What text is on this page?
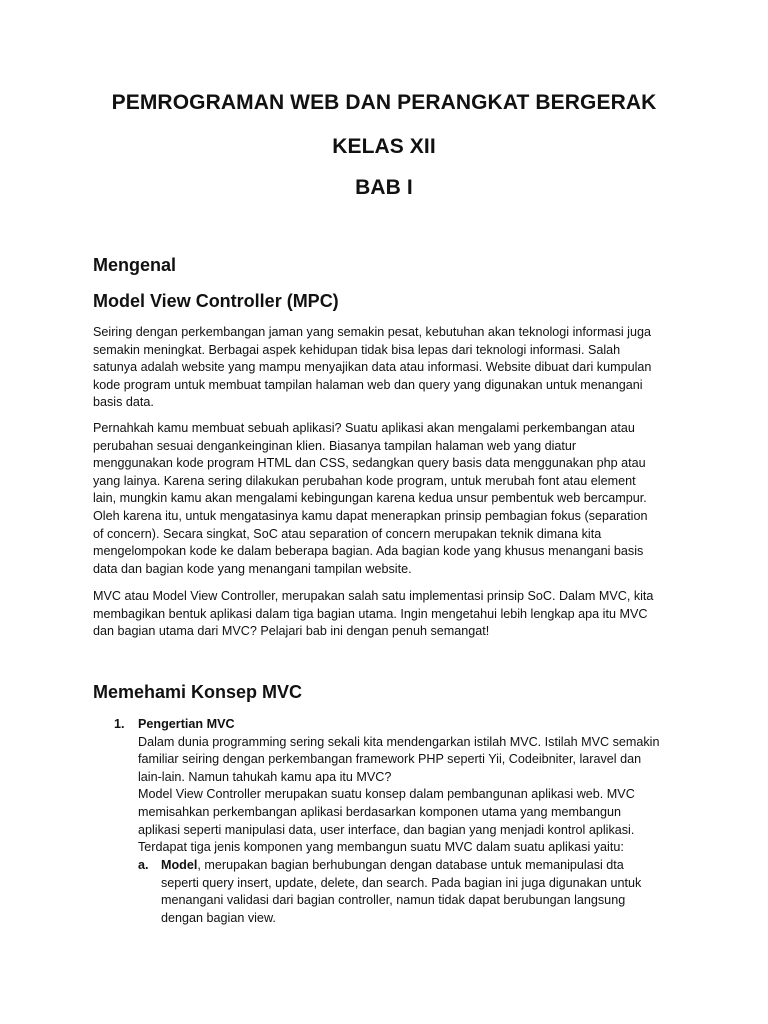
PEMROGRAMAN WEB DAN PERANGKAT BERGERAK
KELAS XII
BAB I
Mengenal
Model View Controller (MPC)
Seiring dengan perkembangan jaman yang semakin pesat, kebutuhan akan teknologi informasi juga
semakin meningkat. Berbagai aspek kehidupan tidak bisa lepas dari teknologi informasi. Salah
satunya adalah website yang mampu menyajikan data atau informasi. Website dibuat dari kumpulan
kode program untuk membuat tampilan halaman web dan query yang digunakan untuk menangani
basis data.
Pernahkah kamu membuat sebuah aplikasi? Suatu aplikasi akan mengalami perkembangan atau
perubahan sesuai dengankeinginan klien. Biasanya tampilan halaman web yang diatur
menggunakan kode program HTML dan CSS, sedangkan query basis data menggunakan php atau
yang lainya. Karena sering dilakukan perubahan kode program, untuk merubah font atau element
lain, mungkin kamu akan mengalami kebingungan karena kedua unsur pembentuk web bercampur.
Oleh karena itu, untuk mengatasinya kamu dapat menerapkan prinsip pembagian fokus (separation
of concern). Secara singkat, SoC atau separation of concern merupakan teknik dimana kita
mengelompokan kode ke dalam beberapa bagian. Ada bagian kode yang khusus menangani basis
data dan bagian kode yang menangani tampilan website.
MVC atau Model View Controller, merupakan salah satu implementasi prinsip SoC. Dalam MVC, kita
membagikan bentuk aplikasi dalam tiga bagian utama. Ingin mengetahui lebih lengkap apa itu MVC
dan bagian utama dari MVC? Pelajari bab ini dengan penuh semangat!
Memehami Konsep MVC
1. Pengertian MVC
Dalam dunia programming sering sekali kita mendengarkan istilah MVC. Istilah MVC semakin
familiar seiring dengan perkembangan framework PHP seperti Yii, Codeibniter, laravel dan
lain-lain. Namun tahukah kamu apa itu MVC?
Model View Controller merupakan suatu konsep dalam pembangunan aplikasi web. MVC
memisahkan perkembangan aplikasi berdasarkan komponen utama yang membangun
aplikasi seperti manipulasi data, user interface, dan bagian yang menjadi kontrol aplikasi.
Terdapat tiga jenis komponen yang membangun suatu MVC dalam suatu aplikasi yaitu:
a. Model, merupakan bagian berhubungan dengan database untuk memanipulasi dta
seperti query insert, update, delete, dan search. Pada bagian ini juga digunakan untuk
menangani validasi dari bagian controller, namun tidak dapat berubungan langsung
dengan bagian view.
